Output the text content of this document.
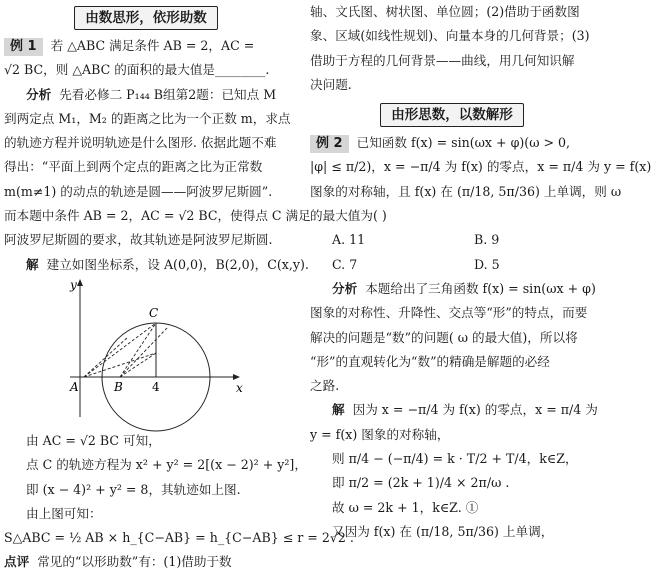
由数思形，依形助数
例 1 若 △ABC 满足条件 AB = 2，AC =
√2 BC，则 △ABC 的面积的最大值是________.
分析 先看必修二 P₁₄₄ B组第2题：已知点 M
到两定点 M₁，M₂ 的距离之比为一个正数 m，求点
的轨迹方程并说明轨迹是什么图形. 依据此题不难
得出：“平面上到两个定点的距离之比为正常数
m(m≠1) 的动点的轨迹是圆——阿波罗尼斯圆”.
而本题中条件 AB = 2，AC = √2 BC，使得点 C 满足
阿波罗尼斯圆的要求，故其轨迹是阿波罗尼斯圆.
解 建立如图坐标系，设 A(0,0)，B(2,0)，C(x,y).
y
x
A	B
C
4
由 AC = √2 BC 可知，
点 C 的轨迹方程为 x² + y² = 2[(x − 2)² + y²]，
即 (x − 4)² + y² = 8，其轨迹如上图.
由上图可知：
S△ABC = ½ AB × h_{C−AB} = h_{C−AB} ≤ r = 2√2 .
点评 常见的“以形助数”有：(1)借助于数
轴、文氏图、树状图、单位圆；(2)借助于函数图
象、区域(如线性规划)、向量本身的几何背景；(3)
借助于方程的几何背景——曲线，用几何知识解
决问题.
由形思数，以数解形
例 2 已知函数 f(x) = sin(ωx + φ)(ω > 0,
|φ| ≤ π/2)，x = −π/4 为 f(x) 的零点，x = π/4 为 y = f(x)
图象的对称轴，且 f(x) 在 (π/18, 5π/36) 上单调，则 ω
的最大值为( )
A. 11	B. 9
C. 7	D. 5
分析 本题给出了三角函数 f(x) = sin(ωx + φ)
图象的对称性、升降性、交点等“形”的特点，而要
解决的问题是“数”的问题( ω 的最大值)，所以将
“形”的直观转化为“数”的精确是解题的必经
之路.
解 因为 x = −π/4 为 f(x) 的零点，x = π/4 为
y = f(x) 图象的对称轴，
则 π/4 − (−π/4) = k · T/2 + T/4，k∈Z，
即 π/2 = (2k + 1)/4 × 2π/ω .
故 ω = 2k + 1，k∈Z. ①
又因为 f(x) 在 (π/18, 5π/36) 上单调，
